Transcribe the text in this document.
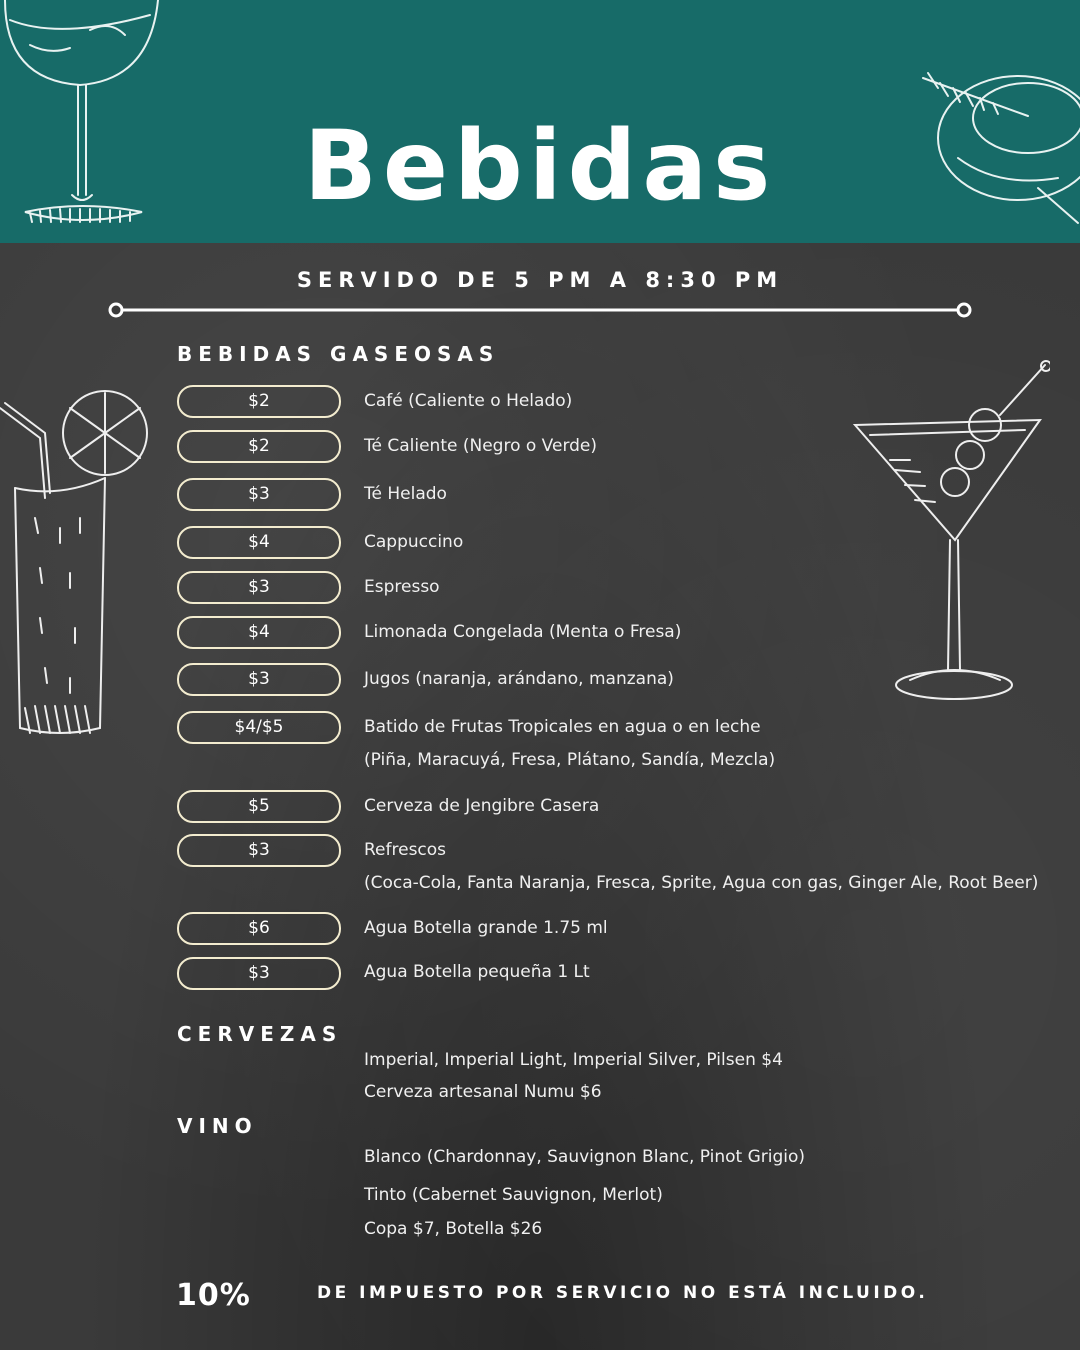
Bebidas
SERVIDO DE 5 PM A 8:30 PM
BEBIDAS GASEOSAS
$2	Café (Caliente o Helado)
$2	Té Caliente (Negro o Verde)
$3	Té Helado
$4	Cappuccino
$3	Espresso
$4	Limonada Congelada (Menta o Fresa)
$3	Jugos (naranja, arándano, manzana)
$4/$5	Batido de Frutas Tropicales en agua o en leche
(Piña, Maracuyá, Fresa, Plátano, Sandía, Mezcla)
$5	Cerveza de Jengibre Casera
$3	Refrescos
(Coca-Cola, Fanta Naranja, Fresca, Sprite, Agua con gas, Ginger Ale, Root Beer)
$6	Agua Botella grande 1.75 ml
$3	Agua Botella pequeña 1 Lt
CERVEZAS
Imperial, Imperial Light, Imperial Silver, Pilsen $4
Cerveza artesanal Numu $6
VINO
Blanco (Chardonnay, Sauvignon Blanc, Pinot Grigio)
Tinto (Cabernet Sauvignon, Merlot)
Copa $7, Botella $26
10%	DE IMPUESTO POR SERVICIO NO ESTÁ INCLUIDO.
